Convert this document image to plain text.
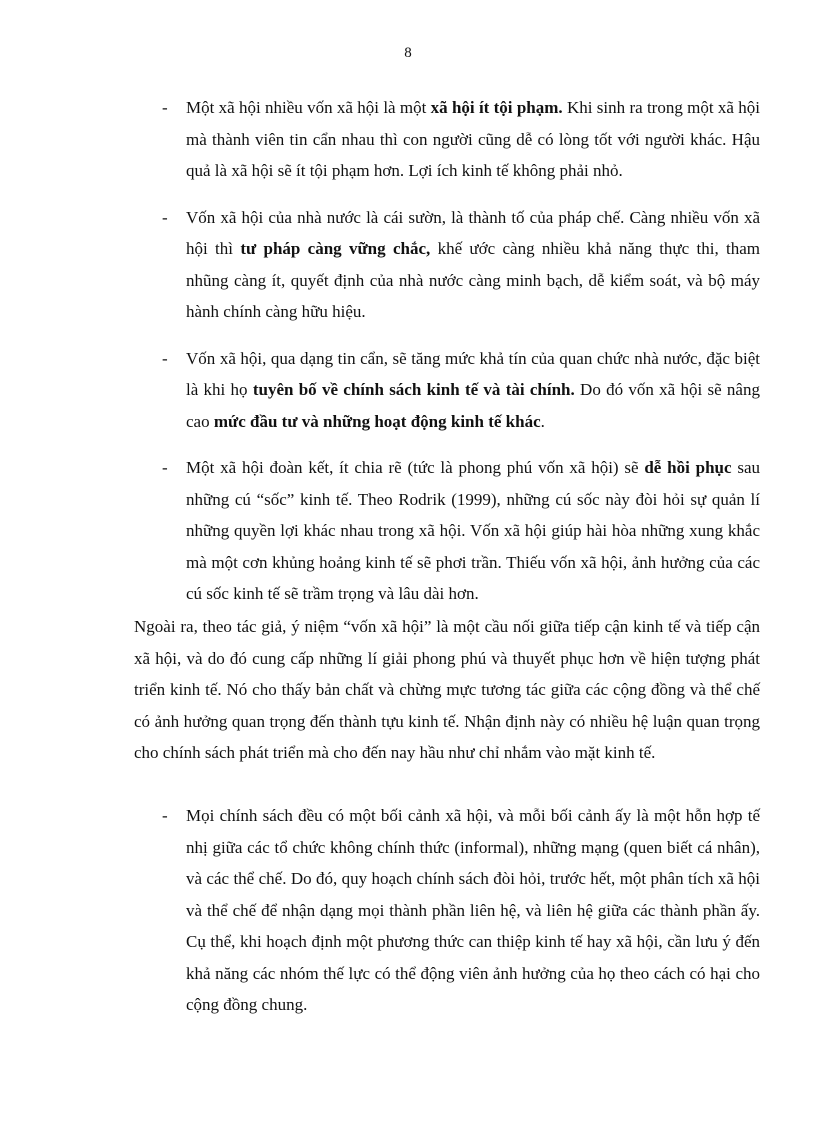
8
- Một xã hội nhiều vốn xã hội là một xã hội ít tội phạm. Khi sinh ra trong một xã hội mà thành viên tin cẩn nhau thì con người cũng dễ có lòng tốt với người khác. Hậu quả là xã hội sẽ ít tội phạm hơn. Lợi ích kinh tế không phải nhỏ.
- Vốn xã hội của nhà nước là cái sườn, là thành tố của pháp chế. Càng nhiều vốn xã hội thì tư pháp càng vững chắc, khế ước càng nhiều khả năng thực thi, tham nhũng càng ít, quyết định của nhà nước càng minh bạch, dễ kiểm soát, và bộ máy hành chính càng hữu hiệu.
- Vốn xã hội, qua dạng tin cẩn, sẽ tăng mức khả tín của quan chức nhà nước, đặc biệt là khi họ tuyên bố về chính sách kinh tế và tài chính. Do đó vốn xã hội sẽ nâng cao mức đầu tư và những hoạt động kinh tế khác.
- Một xã hội đoàn kết, ít chia rẽ (tức là phong phú vốn xã hội) sẽ dễ hồi phục sau những cú “sốc” kinh tế. Theo Rodrik (1999), những cú sốc này đòi hỏi sự quản lí những quyền lợi khác nhau trong xã hội. Vốn xã hội giúp hài hòa những xung khắc mà một cơn khủng hoảng kinh tế sẽ phơi trần. Thiếu vốn xã hội, ảnh hưởng của các cú sốc kinh tế sẽ trầm trọng và lâu dài hơn.

Ngoài ra, theo tác giả, ý niệm “vốn xã hội” là một cầu nối giữa tiếp cận kinh tế và tiếp cận xã hội, và do đó cung cấp những lí giải phong phú và thuyết phục hơn về hiện tượng phát triển kinh tế. Nó cho thấy bản chất và chừng mực tương tác giữa các cộng đồng và thể chế có ảnh hưởng quan trọng đến thành tựu kinh tế. Nhận định này có nhiều hệ luận quan trọng cho chính sách phát triển mà cho đến nay hầu như chỉ nhắm vào mặt kinh tế.

- Mọi chính sách đều có một bối cảnh xã hội, và mỗi bối cảnh ấy là một hỗn hợp tế nhị giữa các tổ chức không chính thức (informal), những mạng (quen biết cá nhân), và các thể chế. Do đó, quy hoạch chính sách đòi hỏi, trước hết, một phân tích xã hội và thể chế để nhận dạng mọi thành phần liên hệ, và liên hệ giữa các thành phần ấy. Cụ thể, khi hoạch định một phương thức can thiệp kinh tế hay xã hội, cần lưu ý đến khả năng các nhóm thế lực có thể động viên ảnh hưởng của họ theo cách có hại cho cộng đồng chung.
